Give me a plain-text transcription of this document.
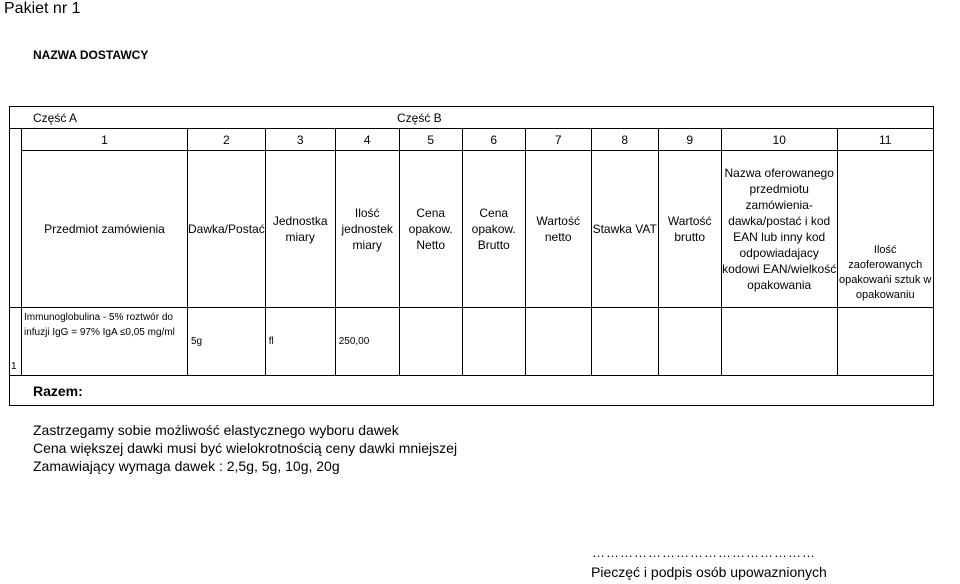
Pakiet nr 1
NAZWA DOSTAWCY
Część A Część B											

	1	2	3	4	5	6	7	8	9	10	11
	Przedmiot zamówienia	Dawka/Postać	Jednostka miary	Ilość jednostek miary	Cena opakow. Netto	Cena opakow. Brutto	Wartość netto	Stawka VAT	Wartość brutto	Nazwa oferowanego przedmiotu zamówienia-dawka/postać i kod EAN lub inny kod odpowiadajacy kodowi EAN/wielkość opakowania	Ilość zaoferowanych opakowańi sztuk w opakowaniu
1	Immunoglobulina - 5% roztwór do infuzji IgG = 97% IgA ≤0,05 mg/ml	5g	fl	250,00							
Razem:											
Zastrzegamy sobie możliwość elastycznego wyboru dawek
Cena większej dawki musi być wielokrotnością ceny dawki mniejszej
Zamawiający wymaga dawek : 2,5g, 5g, 10g, 20g
…………………………………………
Pieczęć i podpis osób upowaznionych
